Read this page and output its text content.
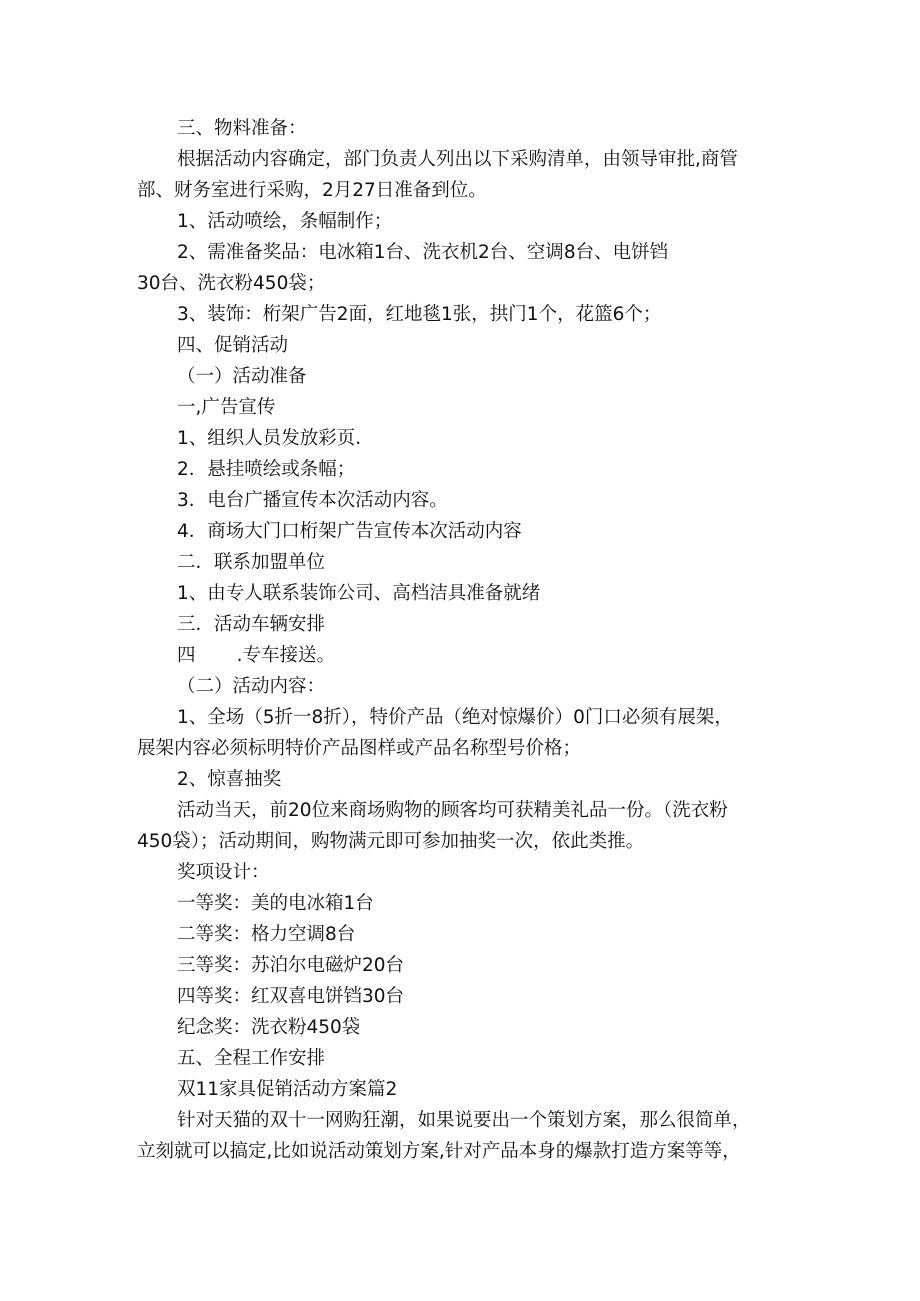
三、物料准备：
根据活动内容确定，部门负责人列出以下采购清单，由领导审批,商管
部、财务室进行采购，2月27日准备到位。
1、活动喷绘，条幅制作；
2、需准备奖品：电冰箱1台、洗衣机2台、空调8台、电饼铛
30台、洗衣粉450袋；
3、装饰：桁架广告2面，红地毯1张，拱门1个，花篮6个；
四、促销活动
（一）活动准备
一,广告宣传
1、组织人员发放彩页.
2．悬挂喷绘或条幅；
3．电台广播宣传本次活动内容。
4．商场大门口桁架广告宣传本次活动内容
二．联系加盟单位
1、由专人联系装饰公司、高档洁具准备就绪
三．活动车辆安排
四       .专车接送。
（二）活动内容：
1、全场（5折一8折），特价产品（绝对惊爆价）0门口必须有展架，
展架内容必须标明特价产品图样或产品名称型号价格；
2、惊喜抽奖
活动当天，前20位来商场购物的顾客均可获精美礼品一份。（洗衣粉
450袋）；活动期间，购物满元即可参加抽奖一次，依此类推。
奖项设计：
一等奖：美的电冰箱1台
二等奖：格力空调8台
三等奖：苏泊尔电磁炉20台
四等奖：红双喜电饼铛30台
纪念奖：洗衣粉450袋
五、全程工作安排
双11家具促销活动方案篇2
针对天猫的双十一网购狂潮，如果说要出一个策划方案，那么很简单，
立刻就可以搞定,比如说活动策划方案,针对产品本身的爆款打造方案等等，
